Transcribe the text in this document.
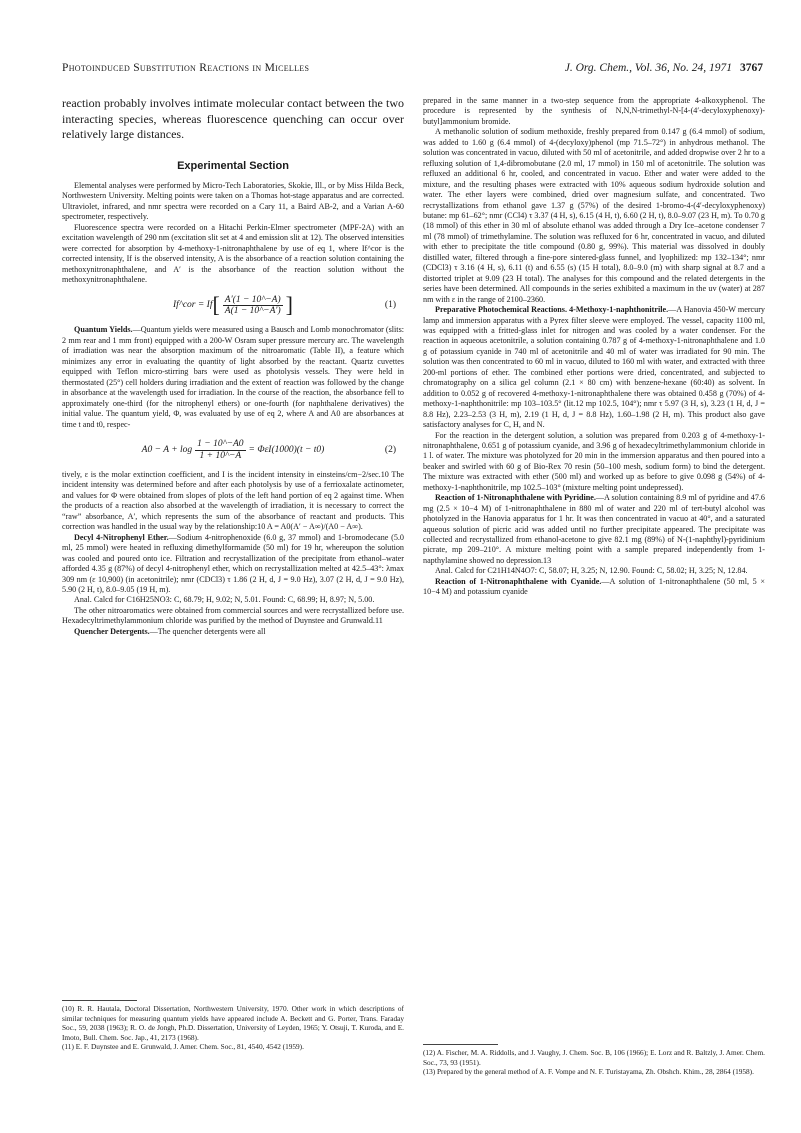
Photoinduced Substitution Reactions in Micelles	J. Org. Chem., Vol. 36, No. 24, 1971 3767

reaction probably involves intimate molecular contact between the two interacting species, whereas fluorescence quenching can occur over relatively large distances.

Experimental Section

Elemental analyses were performed by Micro-Tech Laboratories, Skokie, Ill., or by Miss Hilda Beck, Northwestern University. Melting points were taken on a Thomas hot-stage apparatus and are corrected. Ultraviolet, infrared, and nmr spectra were recorded on a Cary 11, a Baird AB-2, and a Varian A-60 spectrometer, respectively.

Fluorescence spectra were recorded on a Hitachi Perkin-Elmer spectrometer (MPF-2A) with an excitation wavelength of 290 nm (excitation slit set at 4 and emission slit at 12). The observed intensities were corrected for absorption by 4-methoxy-1-nitronaphthalene by use of eq 1, where If^cor is the corrected intensity, If is the observed intensity, A is the absorbance of a reaction solution containing the methoxynitronaphthalene, and A′ is the absorbance of the reaction solution without the methoxynitronaphthalene.

If^cor = If [ $\frac{A'(1 - 10\^{}-A)}{A(1 - 10\^{}-A')}$ ]	(1)

Quantum Yields.—Quantum yields were measured using a Bausch and Lomb monochromator (slits: 2 mm rear and 1 mm front) equipped with a 200-W Osram super pressure mercury arc. The wavelength of irradiation was near the absorption maximum of the nitroaromatic (Table II), a feature which minimizes any error in evaluating the quantity of light absorbed by the reactant. Quartz cuvettes equipped with Teflon micro-stirring bars were used as photolysis vessels. They were held in thermostated (25°) cell holders during irradiation and the extent of reaction was followed by the change in absorbance at the wavelength used for irradiation. In the course of the reaction, the absorbance fell to approximately one-third (for the nitrophenyl ethers) or one-fourth (for naphthalene derivatives) the initial value. The quantum yield, Φ, was evaluated by use of eq 2, where A and A0 are absorbances at time t and t0, respec-

$A0 - A + \log \frac{1 - 10\^{}-A0}{1 + 10\^{}-A} = \Phi\varepsilon I(1000)(t - t0)$	(2)

tively, ε is the molar extinction coefficient, and I is the incident intensity in einsteins/cm−2/sec.10 The incident intensity was determined before and after each photolysis by use of a ferrioxalate actinometer, and values for Φ were obtained from slopes of plots of the left hand portion of eq 2 against time. When the products of a reaction also absorbed at the wavelength of irradiation, it is necessary to correct the “raw” absorbance, A′, which represents the sum of the absorbance of reactant and products. This correction was handled in the usual way by the relationship:10 A = A0(A′ − A∞)/(A0 − A∞).

Decyl 4-Nitrophenyl Ether.—Sodium 4-nitrophenoxide (6.0 g, 37 mmol) and 1-bromodecane (5.0 ml, 25 mmol) were heated in refluxing dimethylformamide (50 ml) for 19 hr, whereupon the solution was cooled and poured onto ice. Filtration and recrystallization of the precipitate from ethanol–water afforded 4.35 g (87%) of decyl 4-nitrophenyl ether, which on recrystallization melted at 42.5–43°: λmax 309 nm (ε 10,900) (in acetonitrile); nmr (CDCl3) τ 1.86 (2 H, d, J = 9.0 Hz), 3.07 (2 H, d, J = 9.0 Hz), 5.90 (2 H, t), 8.0–9.05 (19 H, m).

Anal. Calcd for C16H25NO3: C, 68.79; H, 9.02; N, 5.01. Found: C, 68.99; H, 8.97; N, 5.00.

The other nitroaromatics were obtained from commercial sources and were recrystallized before use. Hexadecyltrimethylammonium chloride was purified by the method of Duynstee and Grunwald.11

Quencher Detergents.—The quencher detergents were all

(10) R. R. Hautala, Doctoral Dissertation, Northwestern University, 1970. Other work in which descriptions of similar techniques for measuring quantum yields have appeared include A. Beckett and G. Porter, Trans. Faraday Soc., 59, 2038 (1963); R. O. de Jongh, Ph.D. Dissertation, University of Leyden, 1965; Y. Otsuji, T. Kuroda, and E. Imoto, Bull. Chem. Soc. Jap., 41, 2173 (1968).

(11) E. F. Duynstee and E. Grunwald, J. Amer. Chem. Soc., 81, 4540, 4542 (1959).

prepared in the same manner in a two-step sequence from the appropriate 4-alkoxyphenol. The procedure is represented by the synthesis of N,N,N-trimethyl-N-[4-(4′-decyloxyphenoxy)-butyl]ammonium bromide.

A methanolic solution of sodium methoxide, freshly prepared from 0.147 g (6.4 mmol) of sodium, was added to 1.60 g (6.4 mmol) of 4-(decyloxy)phenol (mp 71.5–72°) in anhydrous methanol. The solution was concentrated in vacuo, diluted with 50 ml of acetonitrile, and added dropwise over 2 hr to a refluxing solution of 1,4-dibromobutane (2.0 ml, 17 mmol) in 150 ml of acetonitrile. The solution was refluxed an additional 6 hr, cooled, and concentrated in vacuo. Ether and water were added to the mixture, and the resulting phases were extracted with 10% aqueous sodium hydroxide solution and water. The ether layers were combined, dried over magnesium sulfate, and concentrated. Two recrystallizations from ethanol gave 1.37 g (57%) of the desired 1-bromo-4-(4′-decyloxyphenoxy) butane: mp 61–62°; nmr (CCl4) τ 3.37 (4 H, s), 6.15 (4 H, t), 6.60 (2 H, t), 8.0–9.07 (23 H, m). To 0.70 g (18 mmol) of this ether in 30 ml of absolute ethanol was added through a Dry Ice–acetone condenser 7 ml (78 mmol) of trimethylamine. The solution was refluxed for 6 hr, concentrated in vacuo, and diluted with ether to precipitate the title compound (0.80 g, 99%). This material was dissolved in doubly distilled water, filtered through a fine-pore sintered-glass funnel, and lyophilized: mp 132–134°; nmr (CDCl3) τ 3.16 (4 H, s), 6.11 (t) and 6.55 (s) (15 H total), 8.0–9.0 (m) with sharp signal at 8.7 and a distorted triplet at 9.09 (23 H total). The analyses for this compound and the related detergents in the series have been determined. All compounds in the series exhibited a maximum in the uv (water) at 287 nm with ε in the range of 2100–2360.

Preparative Photochemical Reactions. 4-Methoxy-1-naphthonitrile.—A Hanovia 450-W mercury lamp and immersion apparatus with a Pyrex filter sleeve were employed. The vessel, capacity 1100 ml, was equipped with a fritted-glass inlet for nitrogen and was cooled by a water condenser. For the reaction in aqueous acetonitrile, a solution containing 0.787 g of 4-methoxy-1-nitronaphthalene and 1.0 g of potassium cyanide in 740 ml of acetonitrile and 40 ml of water was irradiated for 90 min. The solution was then concentrated to 60 ml in vacuo, diluted to 160 ml with water, and extracted with three 200-ml portions of ether. The combined ether portions were dried, concentrated, and subjected to chromatography on a silica gel column (2.1 × 80 cm) with benzene-hexane (60:40) as solvent. In addition to 0.052 g of recovered 4-methoxy-1-nitronaphthalene there was obtained 0.458 g (70%) of 4-methoxy-1-naphthonitrile: mp 103–103.5° (lit.12 mp 102.5, 104°); nmr τ 5.97 (3 H, s), 3.23 (1 H, d, J = 8.8 Hz), 2.23–2.53 (3 H, m), 2.19 (1 H, d, J = 8.8 Hz), 1.60–1.98 (2 H, m). This product also gave satisfactory analyses for C, H, and N.

For the reaction in the detergent solution, a solution was prepared from 0.203 g of 4-methoxy-1-nitronaphthalene, 0.651 g of potassium cyanide, and 3.96 g of hexadecyltrimethylammonium chloride in 1 l. of water. The mixture was photolyzed for 20 min in the immersion apparatus and then poured into a beaker and swirled with 60 g of Bio-Rex 70 resin (50–100 mesh, sodium form) to bind the detergent. The mixture was extracted with ether (500 ml) and worked up as before to give 0.098 g (54%) of 4-methoxy-1-naphthonitrile, mp 102.5–103° (mixture melting point undepressed).

Reaction of 1-Nitronaphthalene with Pyridine.—A solution containing 8.9 ml of pyridine and 47.6 mg (2.5 × 10−4 M) of 1-nitronaphthalene in 880 ml of water and 220 ml of tert-butyl alcohol was photolyzed in the Hanovia apparatus for 1 hr. It was then concentrated in vacuo at 40°, and a saturated aqueous solution of picric acid was added until no further precipitate appeared. The precipitate was collected and recrystallized from ethanol-acetone to give 82.1 mg (89%) of N-(1-naphthyl)-pyridinium picrate, mp 209–210°. A mixture melting point with a sample prepared independently from 1-napthylamine showed no depression.13

Anal. Calcd for C21H14N4O7: C, 58.07; H, 3.25; N, 12.90. Found: C, 58.02; H, 3.25; N, 12.84.

Reaction of 1-Nitronaphthalene with Cyanide.—A solution of 1-nitronaphthalene (50 ml, 5 × 10−4 M) and potassium cyanide

(12) A. Fischer, M. A. Riddolls, and J. Vaughy, J. Chem. Soc. B, 106 (1966); E. Lorz and R. Baltzly, J. Amer. Chem. Soc., 73, 93 (1951).

(13) Prepared by the general method of A. F. Vompe and N. F. Turistayama, Zh. Obshch. Khim., 28, 2864 (1958).
